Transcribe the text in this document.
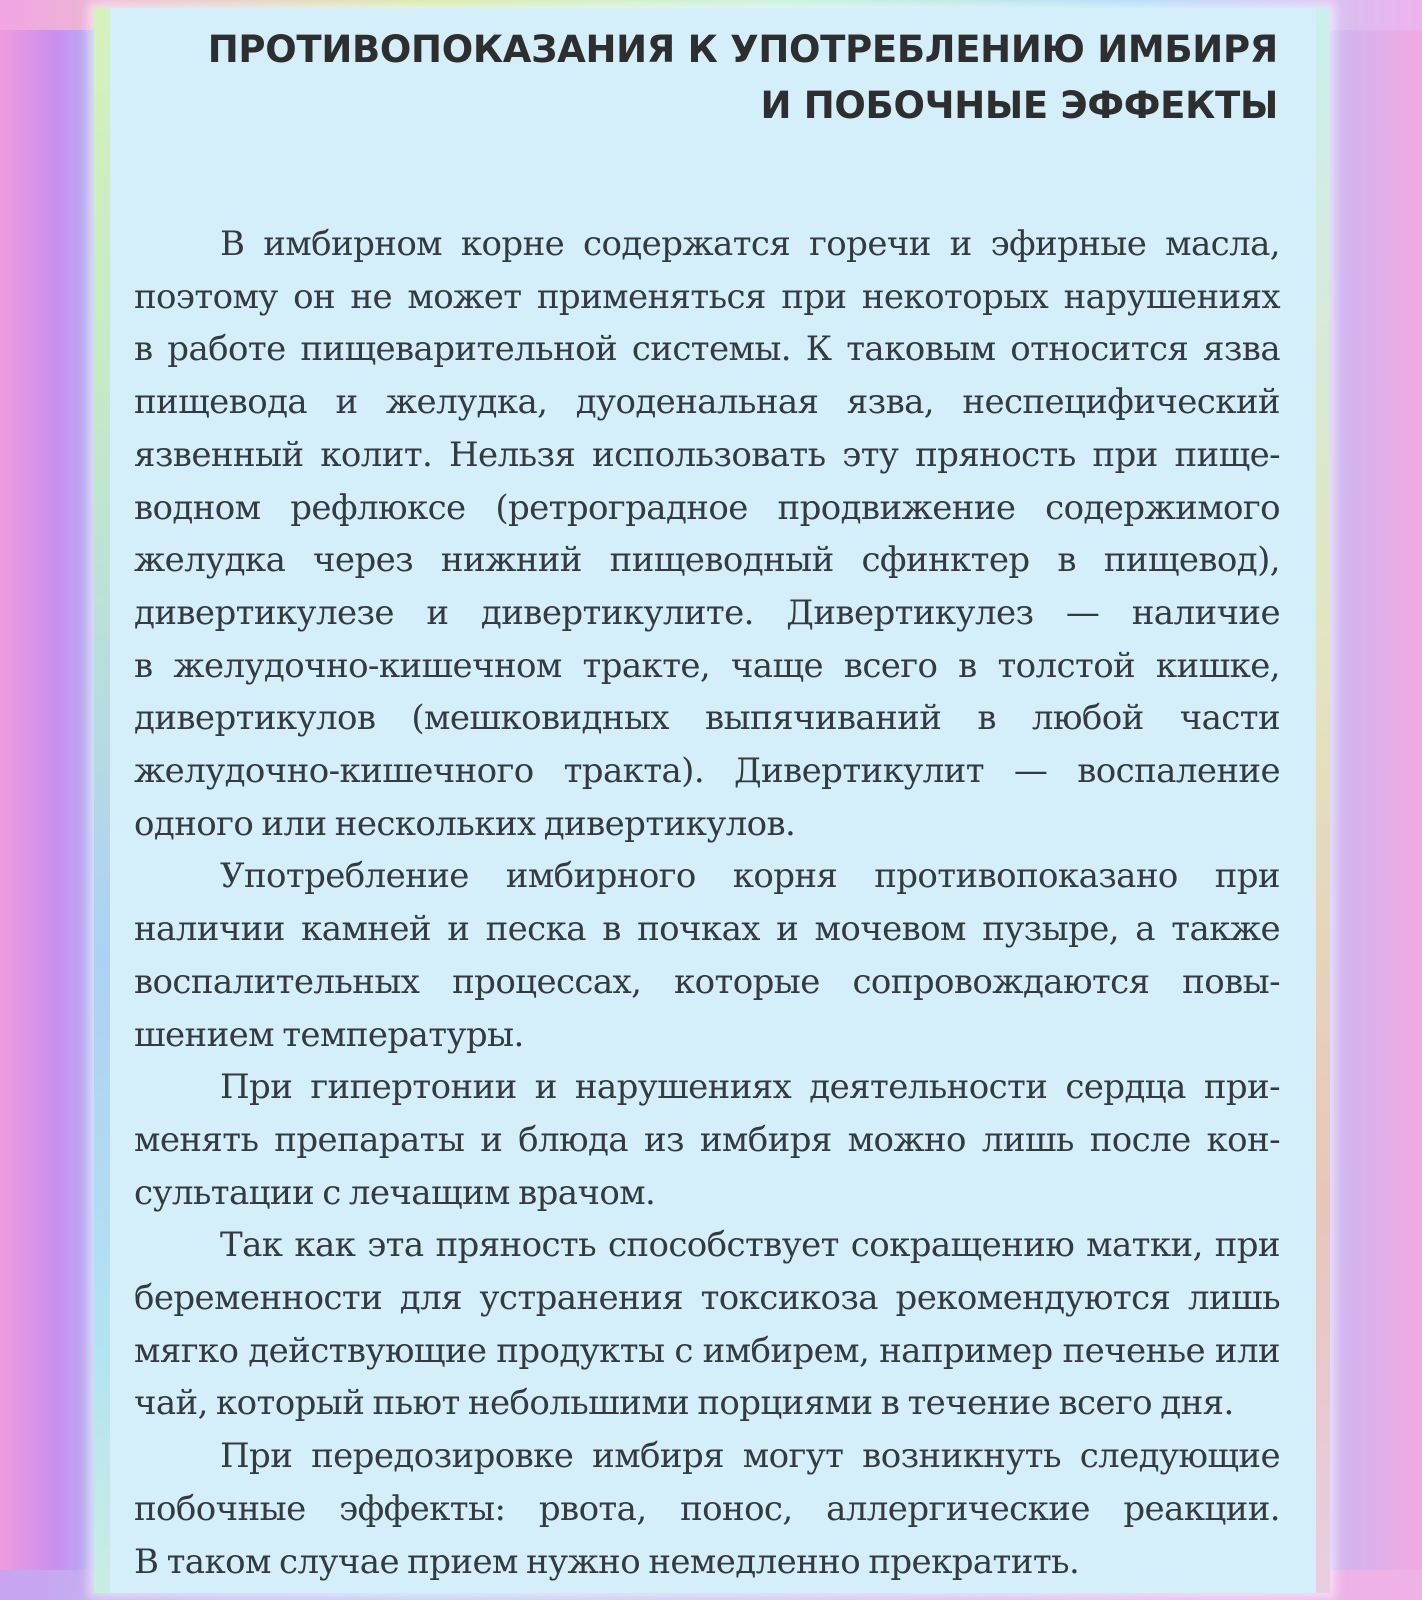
ПРОТИВОПОКАЗАНИЯ К УПОТРЕБЛЕНИЮ ИМБИРЯ
И ПОБОЧНЫЕ ЭФФЕКТЫ
В имбирном корне содержатся горечи и эфирные масла,
поэтому он не может применяться при некоторых нарушениях
в работе пищеварительной системы. К таковым относится язва
пищевода и желудка, дуоденальная язва, неспецифический
язвенный колит. Нельзя использовать эту пряность при пище-
водном рефлюксе (ретроградное продвижение содержимого
желудка через нижний пищеводный сфинктер в пищевод),
дивертикулезе и дивертикулите. Дивертикулез — наличие
в желудочно-кишечном тракте, чаще всего в толстой кишке,
дивертикулов (мешковидных выпячиваний в любой части
желудочно-кишечного тракта). Дивертикулит — воспаление
одного или нескольких дивертикулов.
Употребление имбирного корня противопоказано при
наличии камней и песка в почках и мочевом пузыре, а также
воспалительных процессах, которые сопровождаются повы-
шением температуры.
При гипертонии и нарушениях деятельности сердца при-
менять препараты и блюда из имбиря можно лишь после кон-
сультации с лечащим врачом.
Так как эта пряность способствует сокращению матки, при
беременности для устранения токсикоза рекомендуются лишь
мягко действующие продукты с имбирем, например печенье или
чай, который пьют небольшими порциями в течение всего дня.
При передозировке имбиря могут возникнуть следующие
побочные эффекты: рвота, понос, аллергические реакции.
В таком случае прием нужно немедленно прекратить.
